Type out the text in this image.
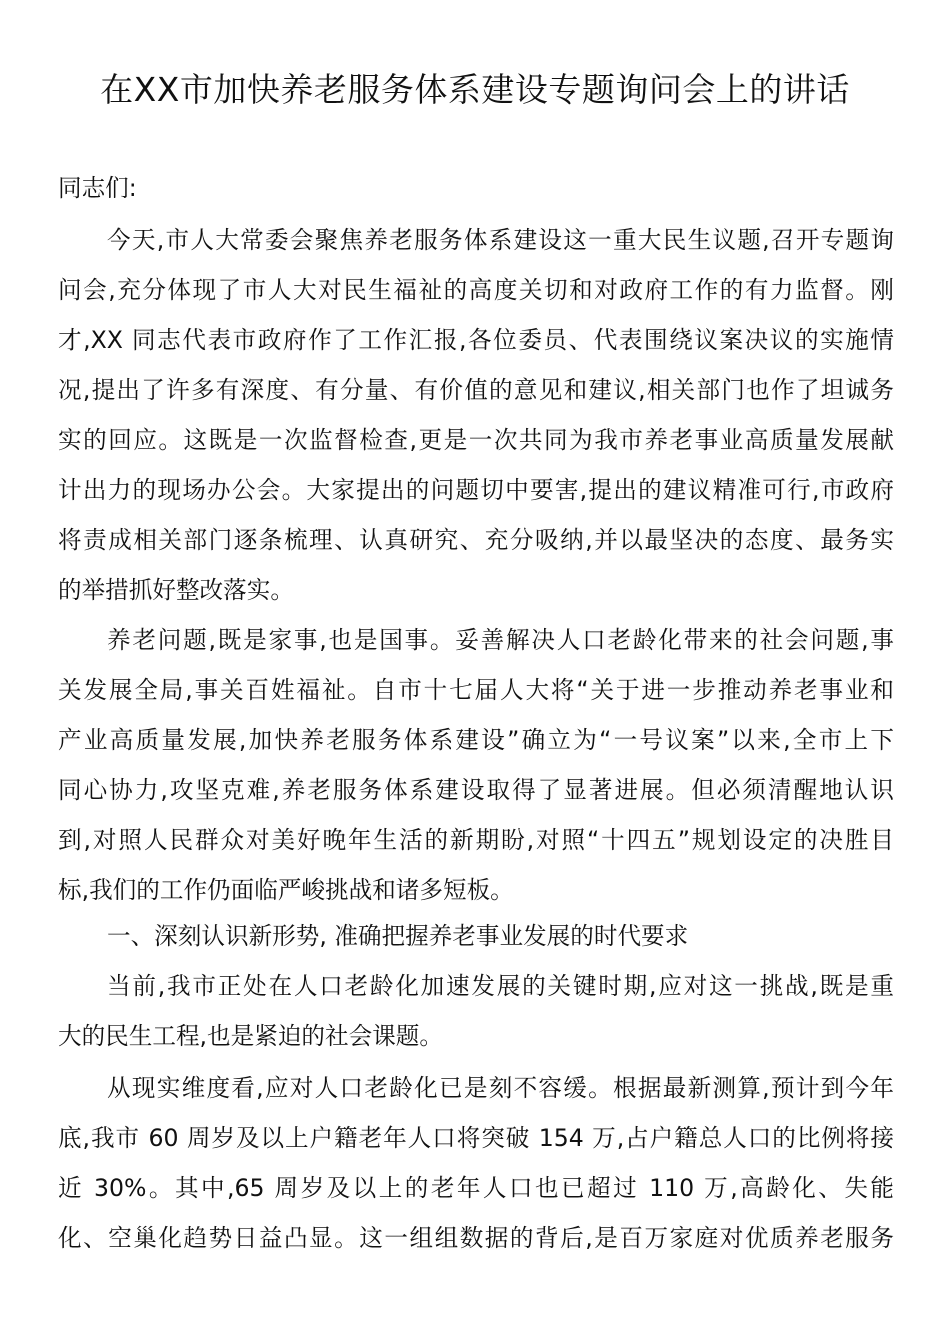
在XX市加快养老服务体系建设专题询问会上的讲话
同志们:
今天,市人大常委会聚焦养老服务体系建设这一重大民生议题,召开专题询
问会,充分体现了市人大对民生福祉的高度关切和对政府工作的有力监督。刚
才,XX 同志代表市政府作了工作汇报,各位委员、代表围绕议案决议的实施情
况,提出了许多有深度、有分量、有价值的意见和建议,相关部门也作了坦诚务
实的回应。这既是一次监督检查,更是一次共同为我市养老事业高质量发展献
计出力的现场办公会。大家提出的问题切中要害,提出的建议精准可行,市政府
将责成相关部门逐条梳理、认真研究、充分吸纳,并以最坚决的态度、最务实
的举措抓好整改落实。
养老问题,既是家事,也是国事。妥善解决人口老龄化带来的社会问题,事
关发展全局,事关百姓福祉。自市十七届人大将“关于进一步推动养老事业和
产业高质量发展,加快养老服务体系建设”确立为“一号议案”以来,全市上下
同心协力,攻坚克难,养老服务体系建设取得了显著进展。但必须清醒地认识
到,对照人民群众对美好晚年生活的新期盼,对照“十四五”规划设定的决胜目
标,我们的工作仍面临严峻挑战和诸多短板。
一、深刻认识新形势, 准确把握养老事业发展的时代要求
当前,我市正处在人口老龄化加速发展的关键时期,应对这一挑战,既是重
大的民生工程,也是紧迫的社会课题。
从现实维度看,应对人口老龄化已是刻不容缓。根据最新测算,预计到今年
底,我市 60 周岁及以上户籍老年人口将突破 154 万,占户籍总人口的比例将接
近 30%。其中,65 周岁及以上的老年人口也已超过 110 万,高龄化、失能
化、空巢化趋势日益凸显。这一组组数据的背后,是百万家庭对优质养老服务
